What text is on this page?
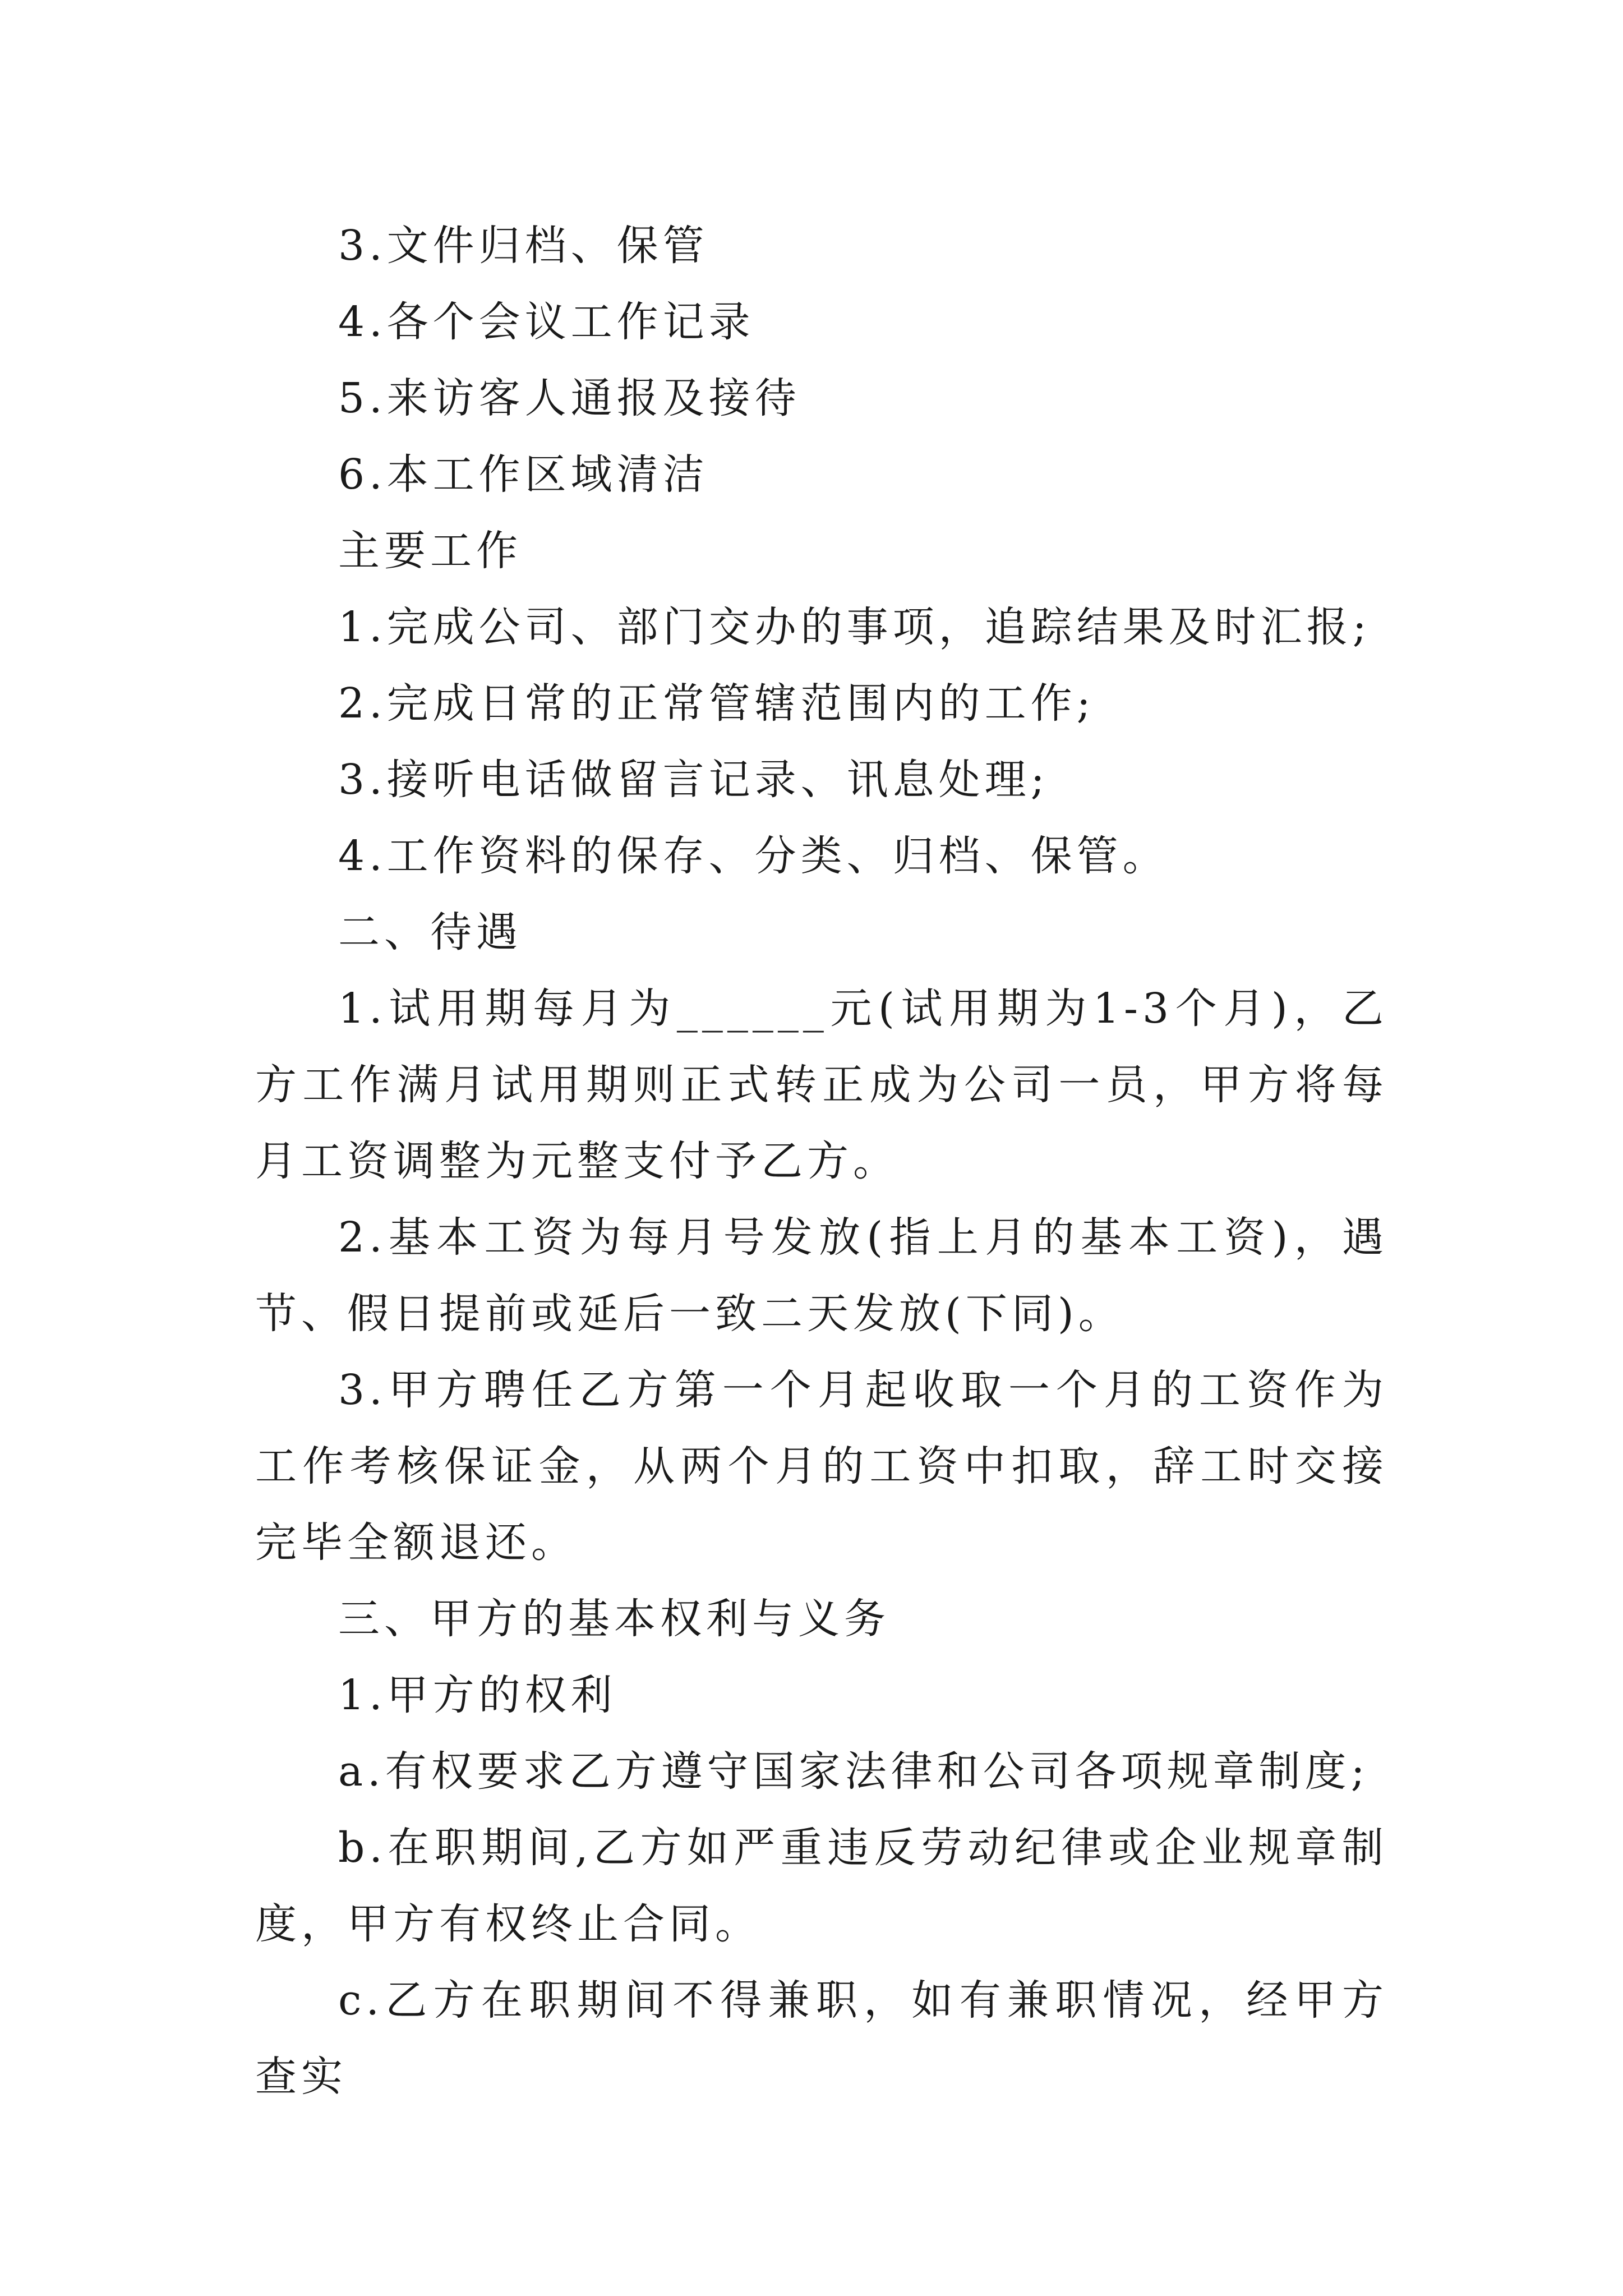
3.文件归档、保管

4.各个会议工作记录

5.来访客人通报及接待

6.本工作区域清洁

主要工作

1.完成公司、部门交办的事项，追踪结果及时汇报;

2.完成日常的正常管辖范围内的工作;

3.接听电话做留言记录、讯息处理;

4.工作资料的保存、分类、归档、保管。

二、待遇

1.试用期每月为______元(试用期为1-3个月)，乙方工作满月试用期则正式转正成为公司一员，甲方将每月工资调整为元整支付予乙方。

2.基本工资为每月号发放(指上月的基本工资)，遇节、假日提前或延后一致二天发放(下同)。

3.甲方聘任乙方第一个月起收取一个月的工资作为工作考核保证金，从两个月的工资中扣取，辞工时交接完毕全额退还。

三、甲方的基本权利与义务

1.甲方的权利

a.有权要求乙方遵守国家法律和公司各项规章制度;

b.在职期间,乙方如严重违反劳动纪律或企业规章制度，甲方有权终止合同。

c.乙方在职期间不得兼职，如有兼职情况，经甲方查实
